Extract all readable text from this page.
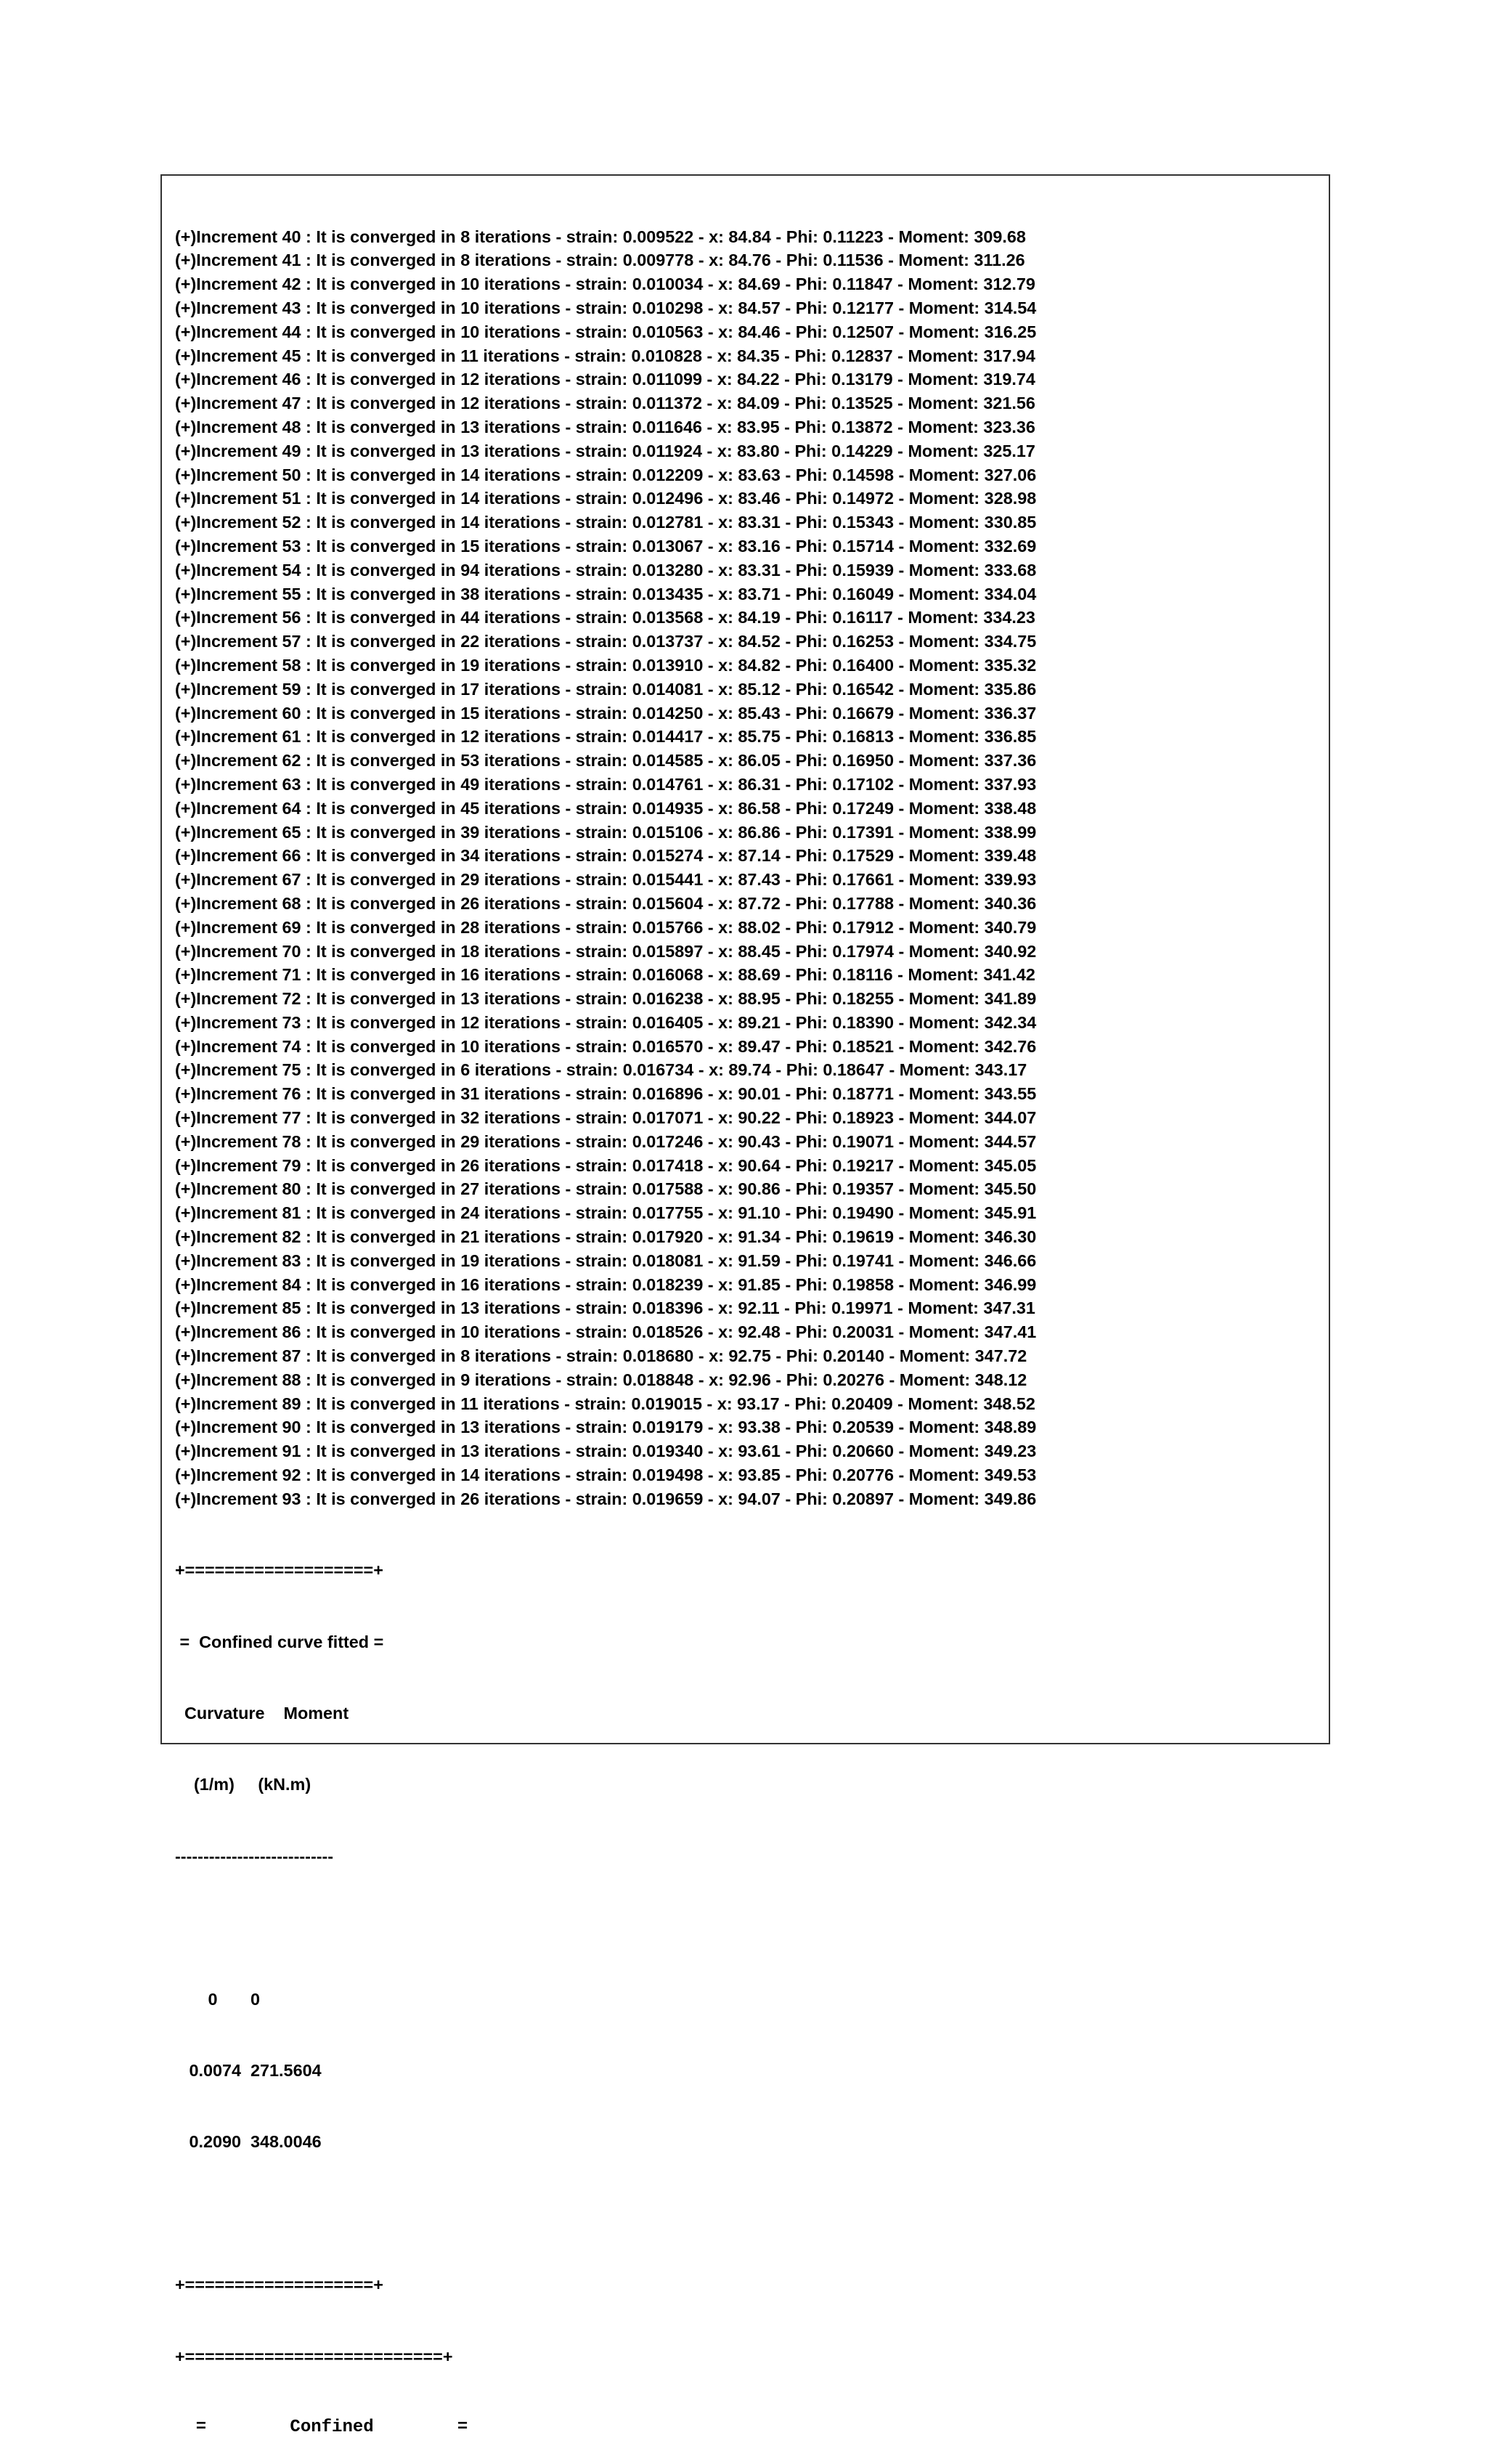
(+)Increment 40 : It is converged in 8 iterations - strain: 0.009522 - x: 84.84 - Phi: 0.11223 - Moment: 309.68
(+)Increment 41 : It is converged in 8 iterations - strain: 0.009778 - x: 84.76 - Phi: 0.11536 - Moment: 311.26
(+)Increment 42 : It is converged in 10 iterations - strain: 0.010034 - x: 84.69 - Phi: 0.11847 - Moment: 312.79
(+)Increment 43 : It is converged in 10 iterations - strain: 0.010298 - x: 84.57 - Phi: 0.12177 - Moment: 314.54
(+)Increment 44 : It is converged in 10 iterations - strain: 0.010563 - x: 84.46 - Phi: 0.12507 - Moment: 316.25
(+)Increment 45 : It is converged in 11 iterations - strain: 0.010828 - x: 84.35 - Phi: 0.12837 - Moment: 317.94
(+)Increment 46 : It is converged in 12 iterations - strain: 0.011099 - x: 84.22 - Phi: 0.13179 - Moment: 319.74
(+)Increment 47 : It is converged in 12 iterations - strain: 0.011372 - x: 84.09 - Phi: 0.13525 - Moment: 321.56
(+)Increment 48 : It is converged in 13 iterations - strain: 0.011646 - x: 83.95 - Phi: 0.13872 - Moment: 323.36
(+)Increment 49 : It is converged in 13 iterations - strain: 0.011924 - x: 83.80 - Phi: 0.14229 - Moment: 325.17
(+)Increment 50 : It is converged in 14 iterations - strain: 0.012209 - x: 83.63 - Phi: 0.14598 - Moment: 327.06
(+)Increment 51 : It is converged in 14 iterations - strain: 0.012496 - x: 83.46 - Phi: 0.14972 - Moment: 328.98
(+)Increment 52 : It is converged in 14 iterations - strain: 0.012781 - x: 83.31 - Phi: 0.15343 - Moment: 330.85
(+)Increment 53 : It is converged in 15 iterations - strain: 0.013067 - x: 83.16 - Phi: 0.15714 - Moment: 332.69
(+)Increment 54 : It is converged in 94 iterations - strain: 0.013280 - x: 83.31 - Phi: 0.15939 - Moment: 333.68
(+)Increment 55 : It is converged in 38 iterations - strain: 0.013435 - x: 83.71 - Phi: 0.16049 - Moment: 334.04
(+)Increment 56 : It is converged in 44 iterations - strain: 0.013568 - x: 84.19 - Phi: 0.16117 - Moment: 334.23
(+)Increment 57 : It is converged in 22 iterations - strain: 0.013737 - x: 84.52 - Phi: 0.16253 - Moment: 334.75
(+)Increment 58 : It is converged in 19 iterations - strain: 0.013910 - x: 84.82 - Phi: 0.16400 - Moment: 335.32
(+)Increment 59 : It is converged in 17 iterations - strain: 0.014081 - x: 85.12 - Phi: 0.16542 - Moment: 335.86
(+)Increment 60 : It is converged in 15 iterations - strain: 0.014250 - x: 85.43 - Phi: 0.16679 - Moment: 336.37
(+)Increment 61 : It is converged in 12 iterations - strain: 0.014417 - x: 85.75 - Phi: 0.16813 - Moment: 336.85
(+)Increment 62 : It is converged in 53 iterations - strain: 0.014585 - x: 86.05 - Phi: 0.16950 - Moment: 337.36
(+)Increment 63 : It is converged in 49 iterations - strain: 0.014761 - x: 86.31 - Phi: 0.17102 - Moment: 337.93
(+)Increment 64 : It is converged in 45 iterations - strain: 0.014935 - x: 86.58 - Phi: 0.17249 - Moment: 338.48
(+)Increment 65 : It is converged in 39 iterations - strain: 0.015106 - x: 86.86 - Phi: 0.17391 - Moment: 338.99
(+)Increment 66 : It is converged in 34 iterations - strain: 0.015274 - x: 87.14 - Phi: 0.17529 - Moment: 339.48
(+)Increment 67 : It is converged in 29 iterations - strain: 0.015441 - x: 87.43 - Phi: 0.17661 - Moment: 339.93
(+)Increment 68 : It is converged in 26 iterations - strain: 0.015604 - x: 87.72 - Phi: 0.17788 - Moment: 340.36
(+)Increment 69 : It is converged in 28 iterations - strain: 0.015766 - x: 88.02 - Phi: 0.17912 - Moment: 340.79
(+)Increment 70 : It is converged in 18 iterations - strain: 0.015897 - x: 88.45 - Phi: 0.17974 - Moment: 340.92
(+)Increment 71 : It is converged in 16 iterations - strain: 0.016068 - x: 88.69 - Phi: 0.18116 - Moment: 341.42
(+)Increment 72 : It is converged in 13 iterations - strain: 0.016238 - x: 88.95 - Phi: 0.18255 - Moment: 341.89
(+)Increment 73 : It is converged in 12 iterations - strain: 0.016405 - x: 89.21 - Phi: 0.18390 - Moment: 342.34
(+)Increment 74 : It is converged in 10 iterations - strain: 0.016570 - x: 89.47 - Phi: 0.18521 - Moment: 342.76
(+)Increment 75 : It is converged in 6 iterations - strain: 0.016734 - x: 89.74 - Phi: 0.18647 - Moment: 343.17
(+)Increment 76 : It is converged in 31 iterations - strain: 0.016896 - x: 90.01 - Phi: 0.18771 - Moment: 343.55
(+)Increment 77 : It is converged in 32 iterations - strain: 0.017071 - x: 90.22 - Phi: 0.18923 - Moment: 344.07
(+)Increment 78 : It is converged in 29 iterations - strain: 0.017246 - x: 90.43 - Phi: 0.19071 - Moment: 344.57
(+)Increment 79 : It is converged in 26 iterations - strain: 0.017418 - x: 90.64 - Phi: 0.19217 - Moment: 345.05
(+)Increment 80 : It is converged in 27 iterations - strain: 0.017588 - x: 90.86 - Phi: 0.19357 - Moment: 345.50
(+)Increment 81 : It is converged in 24 iterations - strain: 0.017755 - x: 91.10 - Phi: 0.19490 - Moment: 345.91
(+)Increment 82 : It is converged in 21 iterations - strain: 0.017920 - x: 91.34 - Phi: 0.19619 - Moment: 346.30
(+)Increment 83 : It is converged in 19 iterations - strain: 0.018081 - x: 91.59 - Phi: 0.19741 - Moment: 346.66
(+)Increment 84 : It is converged in 16 iterations - strain: 0.018239 - x: 91.85 - Phi: 0.19858 - Moment: 346.99
(+)Increment 85 : It is converged in 13 iterations - strain: 0.018396 - x: 92.11 - Phi: 0.19971 - Moment: 347.31
(+)Increment 86 : It is converged in 10 iterations - strain: 0.018526 - x: 92.48 - Phi: 0.20031 - Moment: 347.41
(+)Increment 87 : It is converged in 8 iterations - strain: 0.018680 - x: 92.75 - Phi: 0.20140 - Moment: 347.72
(+)Increment 88 : It is converged in 9 iterations - strain: 0.018848 - x: 92.96 - Phi: 0.20276 - Moment: 348.12
(+)Increment 89 : It is converged in 11 iterations - strain: 0.019015 - x: 93.17 - Phi: 0.20409 - Moment: 348.52
(+)Increment 90 : It is converged in 13 iterations - strain: 0.019179 - x: 93.38 - Phi: 0.20539 - Moment: 348.89
(+)Increment 91 : It is converged in 13 iterations - strain: 0.019340 - x: 93.61 - Phi: 0.20660 - Moment: 349.23
(+)Increment 92 : It is converged in 14 iterations - strain: 0.019498 - x: 93.85 - Phi: 0.20776 - Moment: 349.53
(+)Increment 93 : It is converged in 26 iterations - strain: 0.019659 - x: 94.07 - Phi: 0.20897 - Moment: 349.86

+===================+

=  Confined curve fitted =

Curvature    Moment

(1/m)     (kN.m)

----------------------------

0       0

0.0074  271.5604

0.2090  348.0046

+===================+

+==========================+

=        Confined        =
